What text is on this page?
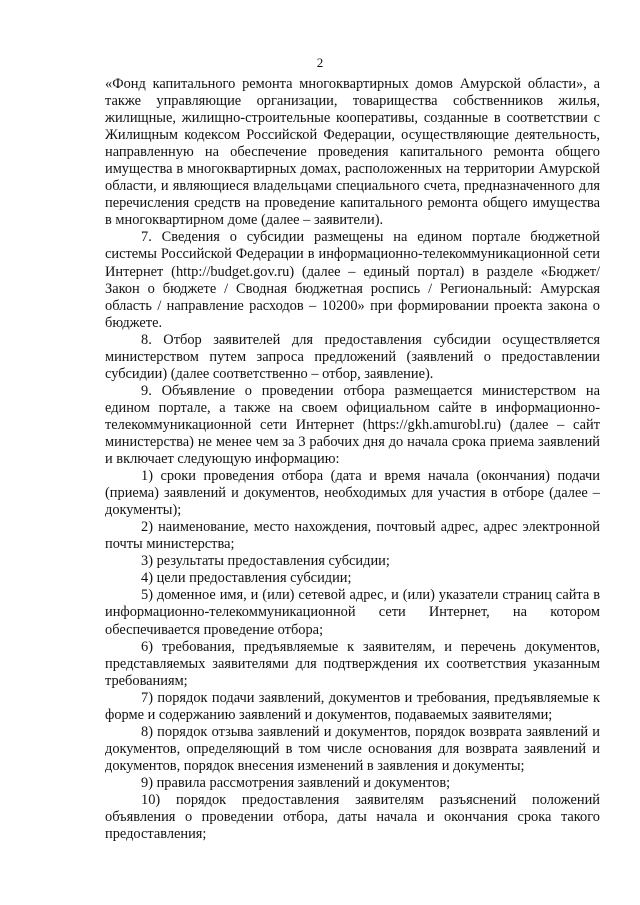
2

«Фонд капитального ремонта многоквартирных домов Амурской области», а также управляющие организации, товарищества собственников жилья, жилищные, жилищно-строительные кооперативы, созданные в соответствии с Жилищным кодексом Российской Федерации, осуществляющие деятельность, направленную на обеспечение проведения капитального ремонта общего имущества в многоквартирных домах, расположенных на территории Амурской области, и являющиеся владельцами специального счета, предназначенного для перечисления средств на проведение капитального ремонта общего имущества в многоквартирном доме (далее – заявители).

7. Сведения о субсидии размещены на едином портале бюджетной системы Российской Федерации в информационно-телекоммуникационной сети Интернет (http://budget.gov.ru) (далее – единый портал) в разделе «Бюджет/ Закон о бюджете / Сводная бюджетная роспись / Региональный: Амурская область / направление расходов – 10200» при формировании проекта закона о бюджете.

8. Отбор заявителей для предоставления субсидии осуществляется министерством путем запроса предложений (заявлений о предоставлении субсидии) (далее соответственно – отбор, заявление).

9. Объявление о проведении отбора размещается министерством на едином портале, а также на своем официальном сайте в информационно-телекоммуникационной сети Интернет (https://gkh.amurobl.ru) (далее – сайт министерства) не менее чем за 3 рабочих дня до начала срока приема заявлений и включает следующую информацию:

1) сроки проведения отбора (дата и время начала (окончания) подачи (приема) заявлений и документов, необходимых для участия в отборе (далее – документы);

2) наименование, место нахождения, почтовый адрес, адрес электронной почты министерства;

3) результаты предоставления субсидии;

4) цели предоставления субсидии;

5) доменное имя, и (или) сетевой адрес, и (или) указатели страниц сайта в информационно-телекоммуникационной сети Интернет, на котором обеспечивается проведение отбора;

6) требования, предъявляемые к заявителям, и перечень документов, представляемых заявителями для подтверждения их соответствия указанным требованиям;

7) порядок подачи заявлений, документов и требования, предъявляемые к форме и содержанию заявлений и документов, подаваемых заявителями;

8) порядок отзыва заявлений и документов, порядок возврата заявлений и документов, определяющий в том числе основания для возврата заявлений и документов, порядок внесения изменений в заявления и документы;

9) правила рассмотрения заявлений и документов;

10) порядок предоставления заявителям разъяснений положений объявления о проведении отбора, даты начала и окончания срока такого предоставления;
